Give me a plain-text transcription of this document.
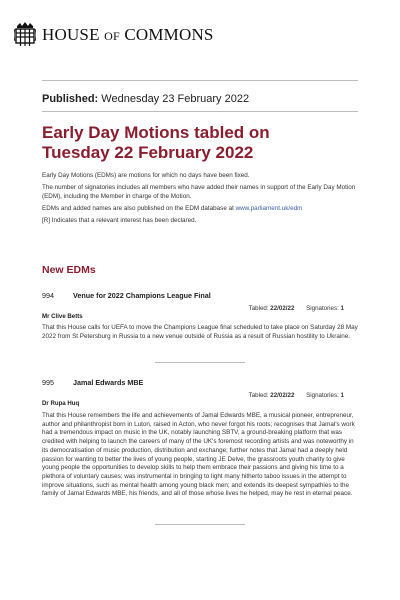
HOUSE OF COMMONS
Published: Wednesday 23 February 2022
Early Day Motions tabled on
Tuesday 22 February 2022

Early Day Motions (EDMs) are motions for which no days have been fixed.

The number of signatories includes all members who have added their names in support of the Early Day Motion (EDM), including the Member in charge of the Motion.

EDMs and added names are also published on the EDM database at www.parliament.uk/edm

[R] Indicates that a relevant interest has been declared.

New EDMs
994	Venue for 2022 Champions League Final
Tabled: 22/02/22 Signatories: 1
Mr Clive Betts
That this House calls for UEFA to move the Champions League final scheduled to take place on Saturday 28 May 2022 from St Petersburg in Russia to a new venue outside of Russia as a result of Russian hostility to Ukraine.
995	Jamal Edwards MBE
Tabled: 22/02/22 Signatories: 1
Dr Rupa Huq
That this House remembers the life and achievements of Jamal Edwards MBE, a musical pioneer, entrepreneur, author and philanthropist born in Luton, raised in Acton, who never forgot his roots; recognises that Jamal's work had a tremendous impact on music in the UK, notably launching SBTV, a ground-breaking platform that was credited with helping to launch the careers of many of the UK's foremost recording artists and was noteworthy in its democratisation of music production, distribution and exchange; further notes that Jamal had a deeply held passion for wanting to better the lives of young people, starting JE Delve, the grassroots youth charity to give young people the opportunities to develop skills to help them embrace their passions and giving his time to a plethora of voluntary causes; was instrumental in bringing to light many hitherto taboo issues in the attempt to improve situations, such as mental health among young black men; and extends its deepest sympathies to the family of Jamal Edwards MBE, his friends, and all of those whose lives he helped, may he rest in eternal peace.
